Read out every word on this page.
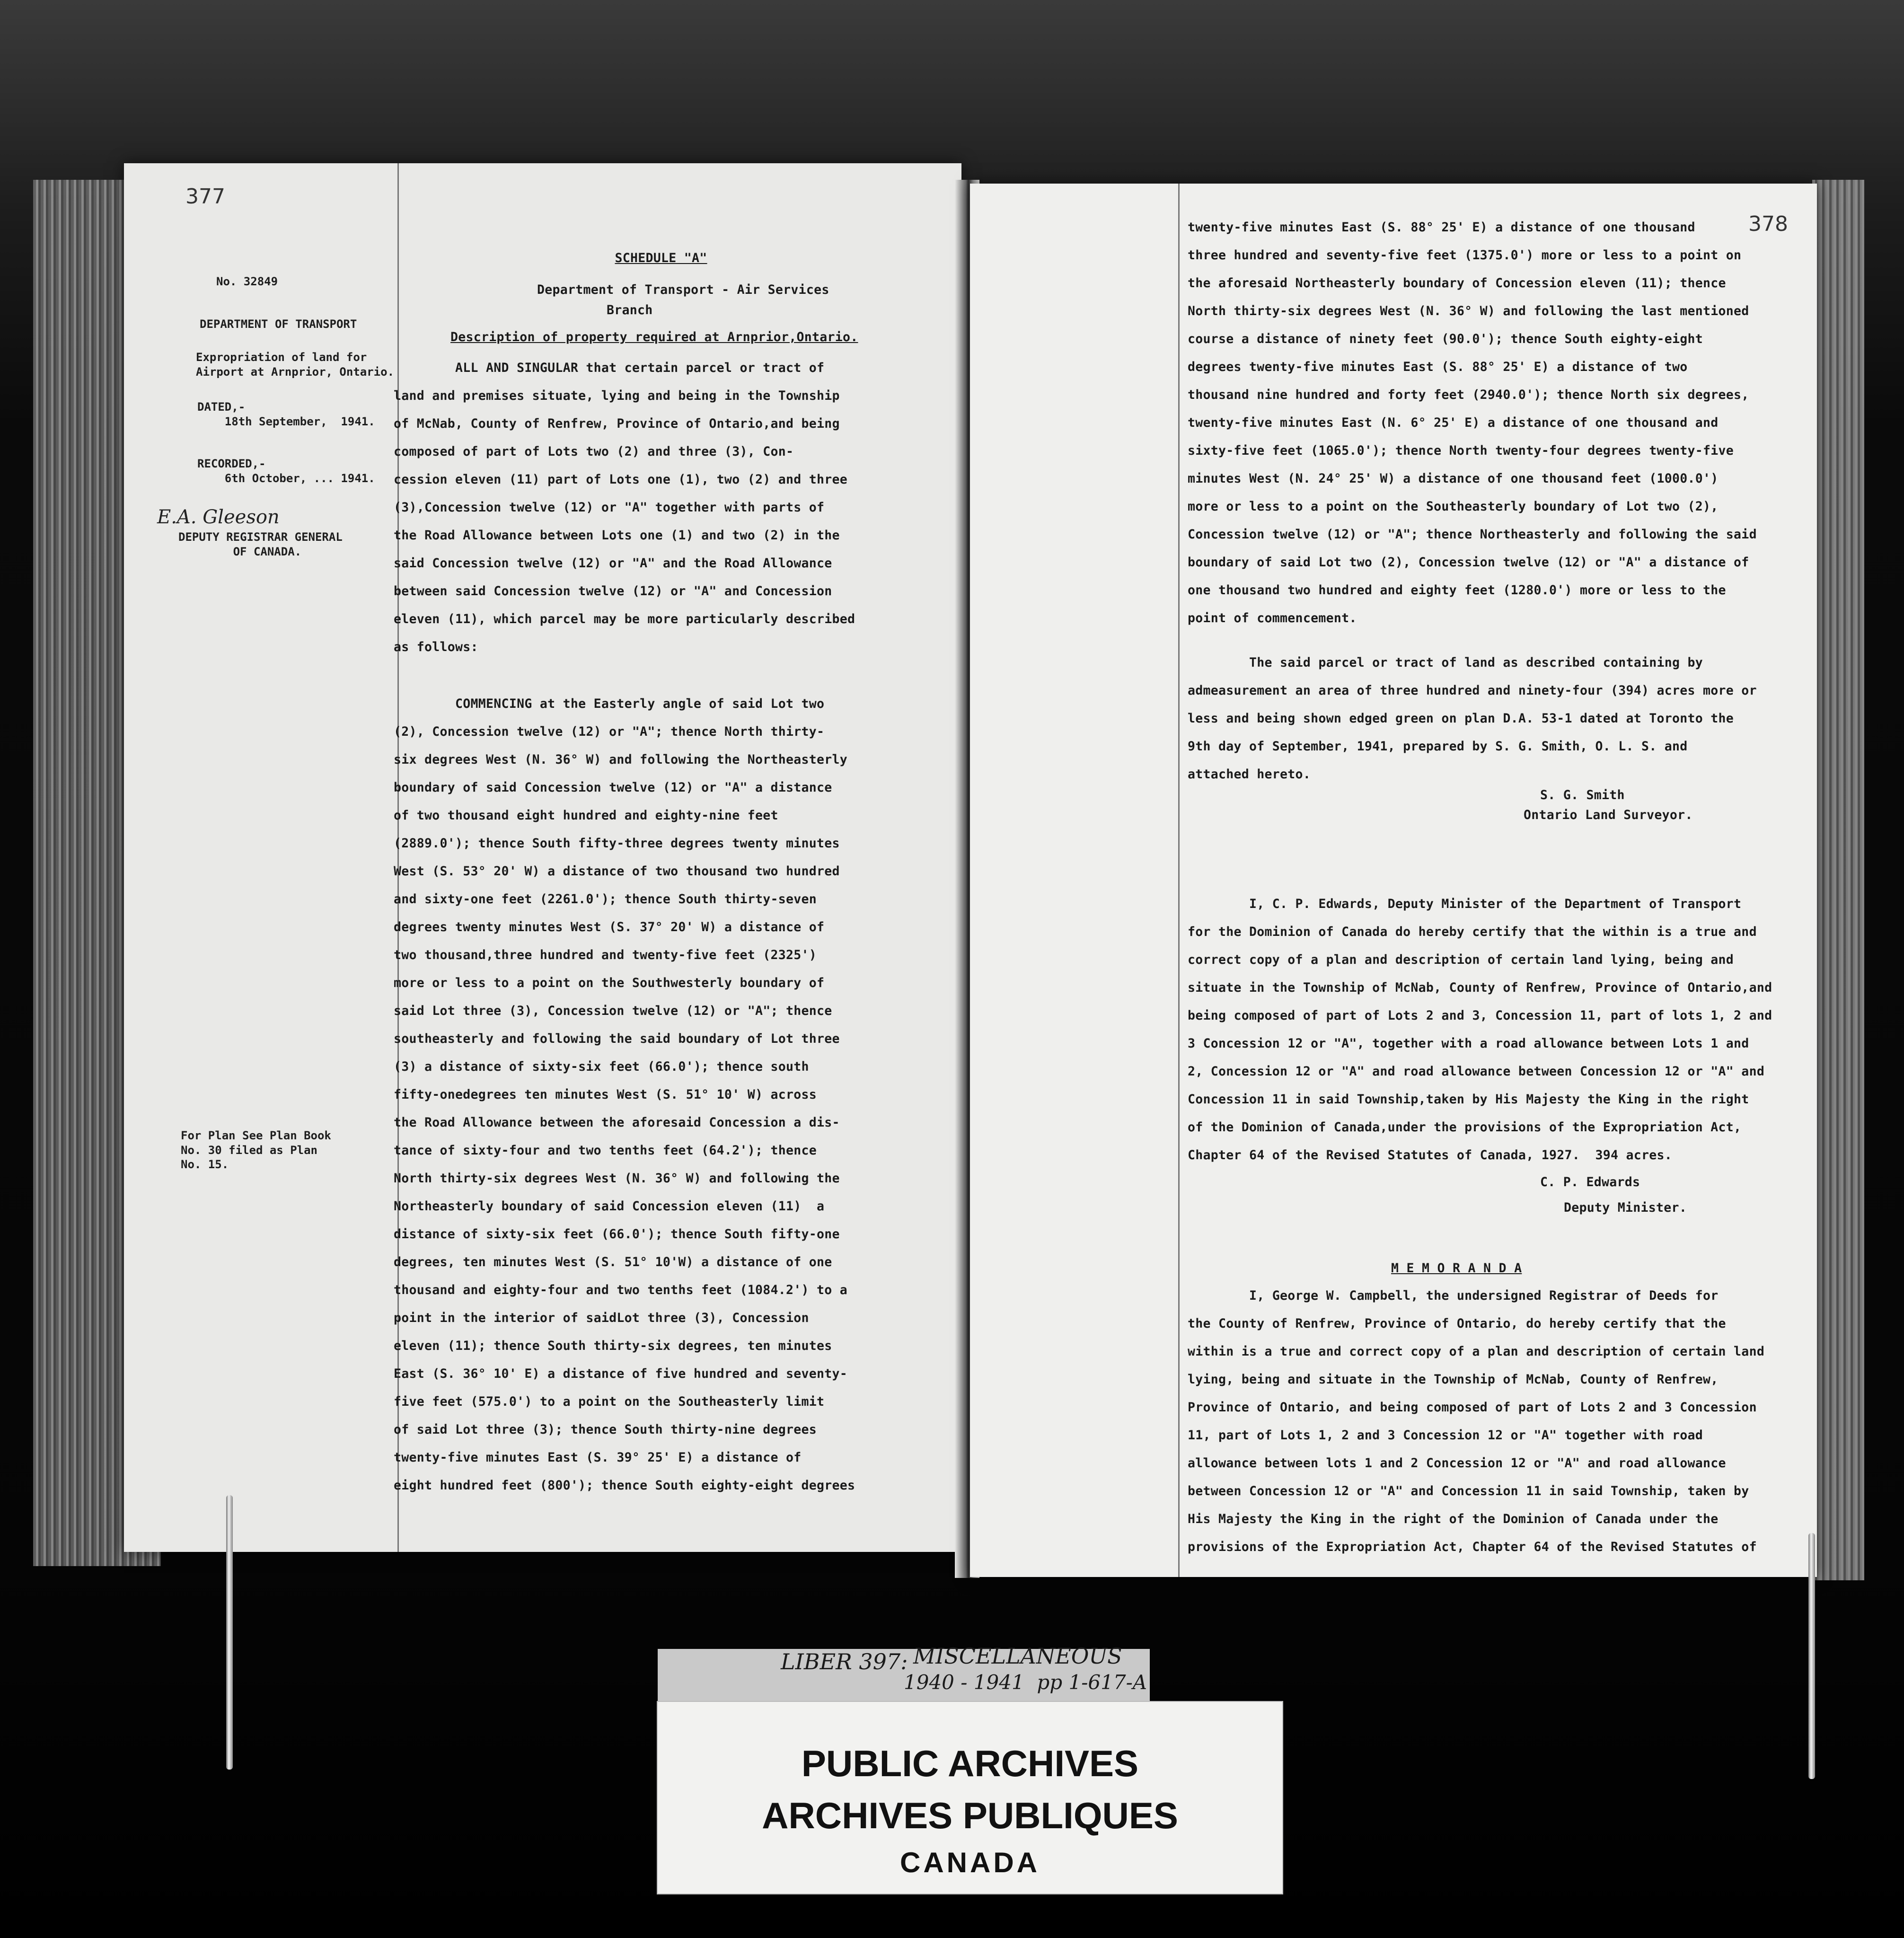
377
No. 32849
DEPARTMENT OF TRANSPORT
Expropriation of land for
Airport at Arnprior, Ontario.
DATED,-
18th September,  1941.
RECORDED,-
6th October, ... 1941.
E.A. Gleeson
DEPUTY REGISTRAR GENERAL
OF CANADA.
For Plan See Plan Book
No. 30 filed as Plan
No. 15.
SCHEDULE "A"
Department of Transport - Air Services
Branch
Description of property required at Arnprior,Ontario.
ALL AND SINGULAR that certain parcel or tract of
land and premises situate, lying and being in the Township
of McNab, County of Renfrew, Province of Ontario,and being
composed of part of Lots two (2) and three (3), Con-
cession eleven (11) part of Lots one (1), two (2) and three
(3),Concession twelve (12) or "A" together with parts of
the Road Allowance between Lots one (1) and two (2) in the
said Concession twelve (12) or "A" and the Road Allowance
between said Concession twelve (12) or "A" and Concession
eleven (11), which parcel may be more particularly described
as follows:
COMMENCING at the Easterly angle of said Lot two
(2), Concession twelve (12) or "A"; thence North thirty-
six degrees West (N. 36° W) and following the Northeasterly
boundary of said Concession twelve (12) or "A" a distance
of two thousand eight hundred and eighty-nine feet
(2889.0'); thence South fifty-three degrees twenty minutes
West (S. 53° 20' W) a distance of two thousand two hundred
and sixty-one feet (2261.0'); thence South thirty-seven
degrees twenty minutes West (S. 37° 20' W) a distance of
two thousand,three hundred and twenty-five feet (2325')
more or less to a point on the Southwesterly boundary of
said Lot three (3), Concession twelve (12) or "A"; thence
southeasterly and following the said boundary of Lot three
(3) a distance of sixty-six feet (66.0'); thence south
fifty-onedegrees ten minutes West (S. 51° 10' W) across
the Road Allowance between the aforesaid Concession a dis-
tance of sixty-four and two tenths feet (64.2'); thence
North thirty-six degrees West (N. 36° W) and following the
Northeasterly boundary of said Concession eleven (11)  a
distance of sixty-six feet (66.0'); thence South fifty-one
degrees, ten minutes West (S. 51° 10'W) a distance of one
thousand and eighty-four and two tenths feet (1084.2') to a
point in the interior of saidLot three (3), Concession
eleven (11); thence South thirty-six degrees, ten minutes
East (S. 36° 10' E) a distance of five hundred and seventy-
five feet (575.0') to a point on the Southeasterly limit
of said Lot three (3); thence South thirty-nine degrees
twenty-five minutes East (S. 39° 25' E) a distance of
eight hundred feet (800'); thence South eighty-eight degrees
378
twenty-five minutes East (S. 88° 25' E) a distance of one thousand
three hundred and seventy-five feet (1375.0') more or less to a point on
the aforesaid Northeasterly boundary of Concession eleven (11); thence
North thirty-six degrees West (N. 36° W) and following the last mentioned
course a distance of ninety feet (90.0'); thence South eighty-eight
degrees twenty-five minutes East (S. 88° 25' E) a distance of two
thousand nine hundred and forty feet (2940.0'); thence North six degrees,
twenty-five minutes East (N. 6° 25' E) a distance of one thousand and
sixty-five feet (1065.0'); thence North twenty-four degrees twenty-five
minutes West (N. 24° 25' W) a distance of one thousand feet (1000.0')
more or less to a point on the Southeasterly boundary of Lot two (2),
Concession twelve (12) or "A"; thence Northeasterly and following the said
boundary of said Lot two (2), Concession twelve (12) or "A" a distance of
one thousand two hundred and eighty feet (1280.0') more or less to the
point of commencement.
The said parcel or tract of land as described containing by
admeasurement an area of three hundred and ninety-four (394) acres more or
less and being shown edged green on plan D.A. 53-1 dated at Toronto the
9th day of September, 1941, prepared by S. G. Smith, O. L. S. and
attached hereto.
S. G. Smith
Ontario Land Surveyor.
I, C. P. Edwards, Deputy Minister of the Department of Transport
for the Dominion of Canada do hereby certify that the within is a true and
correct copy of a plan and description of certain land lying, being and
situate in the Township of McNab, County of Renfrew, Province of Ontario,and
being composed of part of Lots 2 and 3, Concession 11, part of lots 1, 2 and
3 Concession 12 or "A", together with a road allowance between Lots 1 and
2, Concession 12 or "A" and road allowance between Concession 12 or "A" and
Concession 11 in said Township,taken by His Majesty the King in the right
of the Dominion of Canada,under the provisions of the Expropriation Act,
Chapter 64 of the Revised Statutes of Canada, 1927.  394 acres.
C. P. Edwards
Deputy Minister.
M E M O R A N D A
I, George W. Campbell, the undersigned Registrar of Deeds for
the County of Renfrew, Province of Ontario, do hereby certify that the
within is a true and correct copy of a plan and description of certain land
lying, being and situate in the Township of McNab, County of Renfrew,
Province of Ontario, and being composed of part of Lots 2 and 3 Concession
11, part of Lots 1, 2 and 3 Concession 12 or "A" together with road
allowance between lots 1 and 2 Concession 12 or "A" and road allowance
between Concession 12 or "A" and Concession 11 in said Township, taken by
His Majesty the King in the right of the Dominion of Canada under the
provisions of the Expropriation Act, Chapter 64 of the Revised Statutes of
LIBER 397: MISCELLANEOUS
1940 - 1941  pp 1-617-A
PUBLIC ARCHIVES
ARCHIVES PUBLIQUES
CANADA
